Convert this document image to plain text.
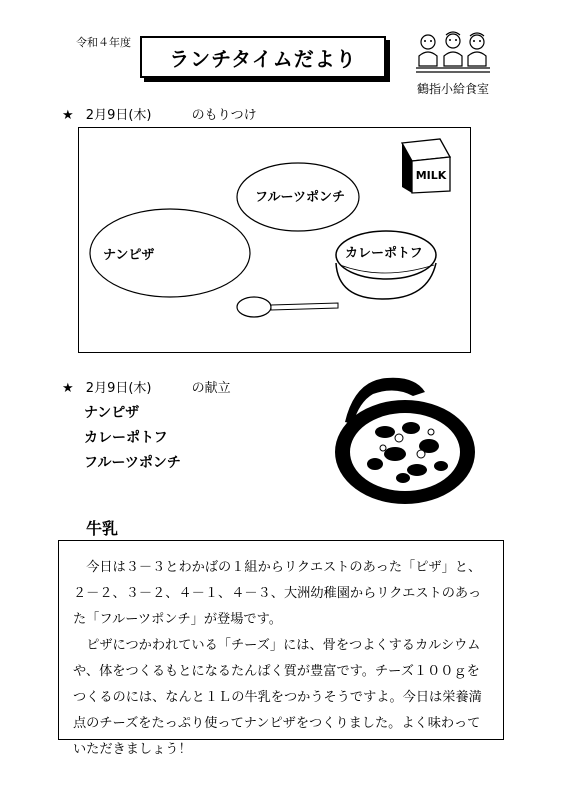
令和４年度
ランチタイムだより
鶴指小給食室
★ 2月9日(木)	のもりつけ
MILK
ナンピザ
フルーツポンチ
カレーポトフ
★ 2月9日(木)	の献立
ナンピザ
カレーポトフ
フルーツポンチ
牛乳

今日は３－３とわかばの１組からリクエストのあった「ピザ」と、２－２、３－２、４－１、４－３、大洲幼稚園からリクエストのあった「フルーツポンチ」が登場です。

ピザにつかわれている「チーズ」には、骨をつよくするカルシウムや、体をつくるもとになるたんぱく質が豊富です。チーズ１００ｇをつくるのには、なんと１Ｌの牛乳をつかうそうですよ。今日は栄養満点のチーズをたっぷり使ってナンピザをつくりました。よく味わっていただきましょう！
